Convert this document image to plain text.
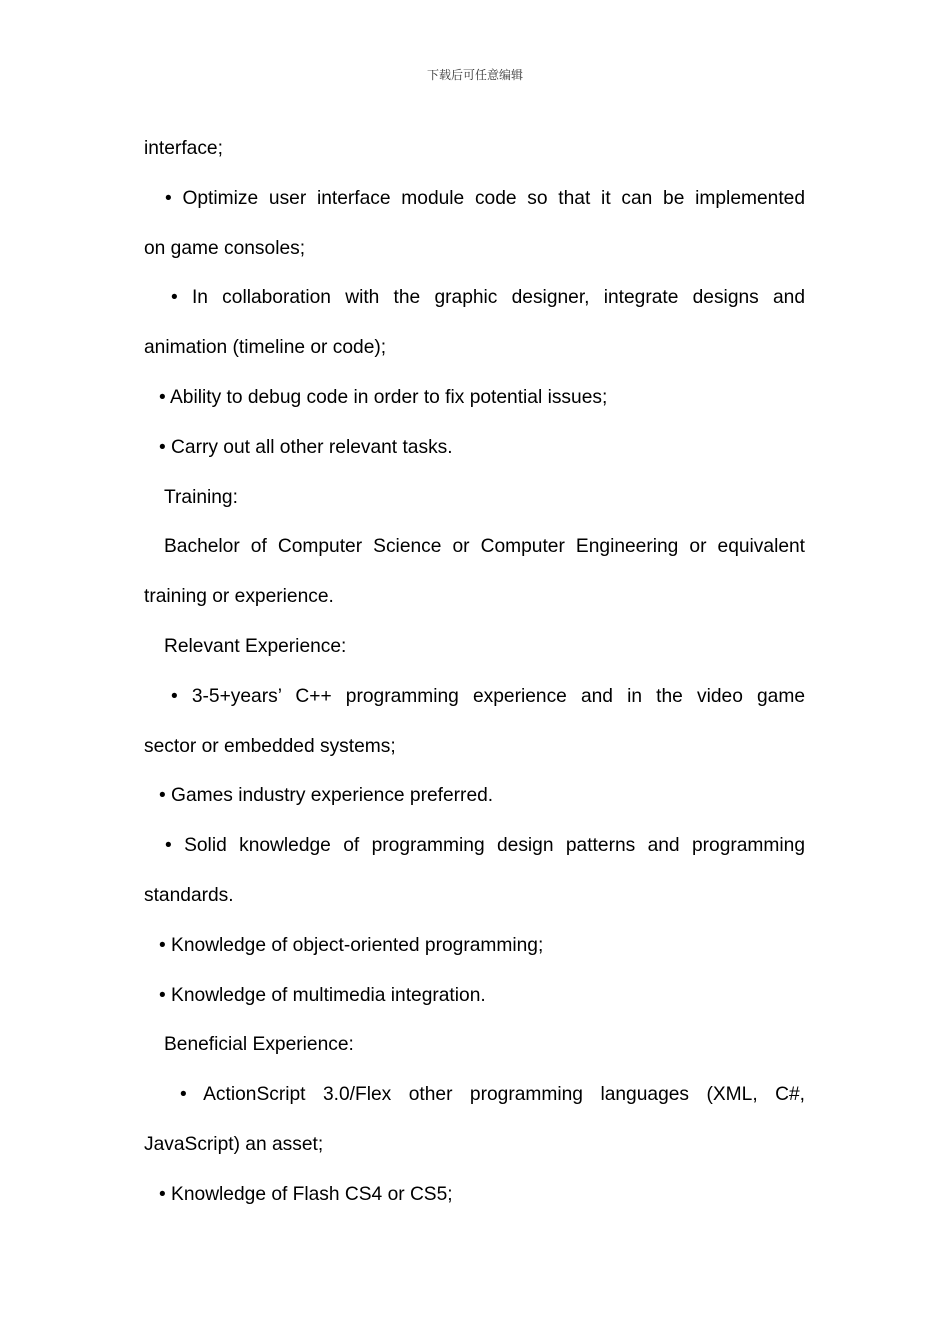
下载后可任意编辑
interface;
• Optimize user interface module code so that it can be implemented
on game consoles;
• In collaboration with the graphic designer, integrate designs and
animation (timeline or code);
• Ability to debug code in order to fix potential issues;
• Carry out all other relevant tasks.
Training:
Bachelor of Computer Science or Computer Engineering or equivalent
training or experience.
Relevant Experience:
• 3-5+years’ C++ programming experience and in the video game
sector or embedded systems;
• Games industry experience preferred.
• Solid knowledge of programming design patterns and programming
standards.
• Knowledge of object-oriented programming;
• Knowledge of multimedia integration.
Beneficial Experience:
• ActionScript 3.0/Flex other programming languages (XML, C#,
JavaScript) an asset;
• Knowledge of Flash CS4 or CS5;
